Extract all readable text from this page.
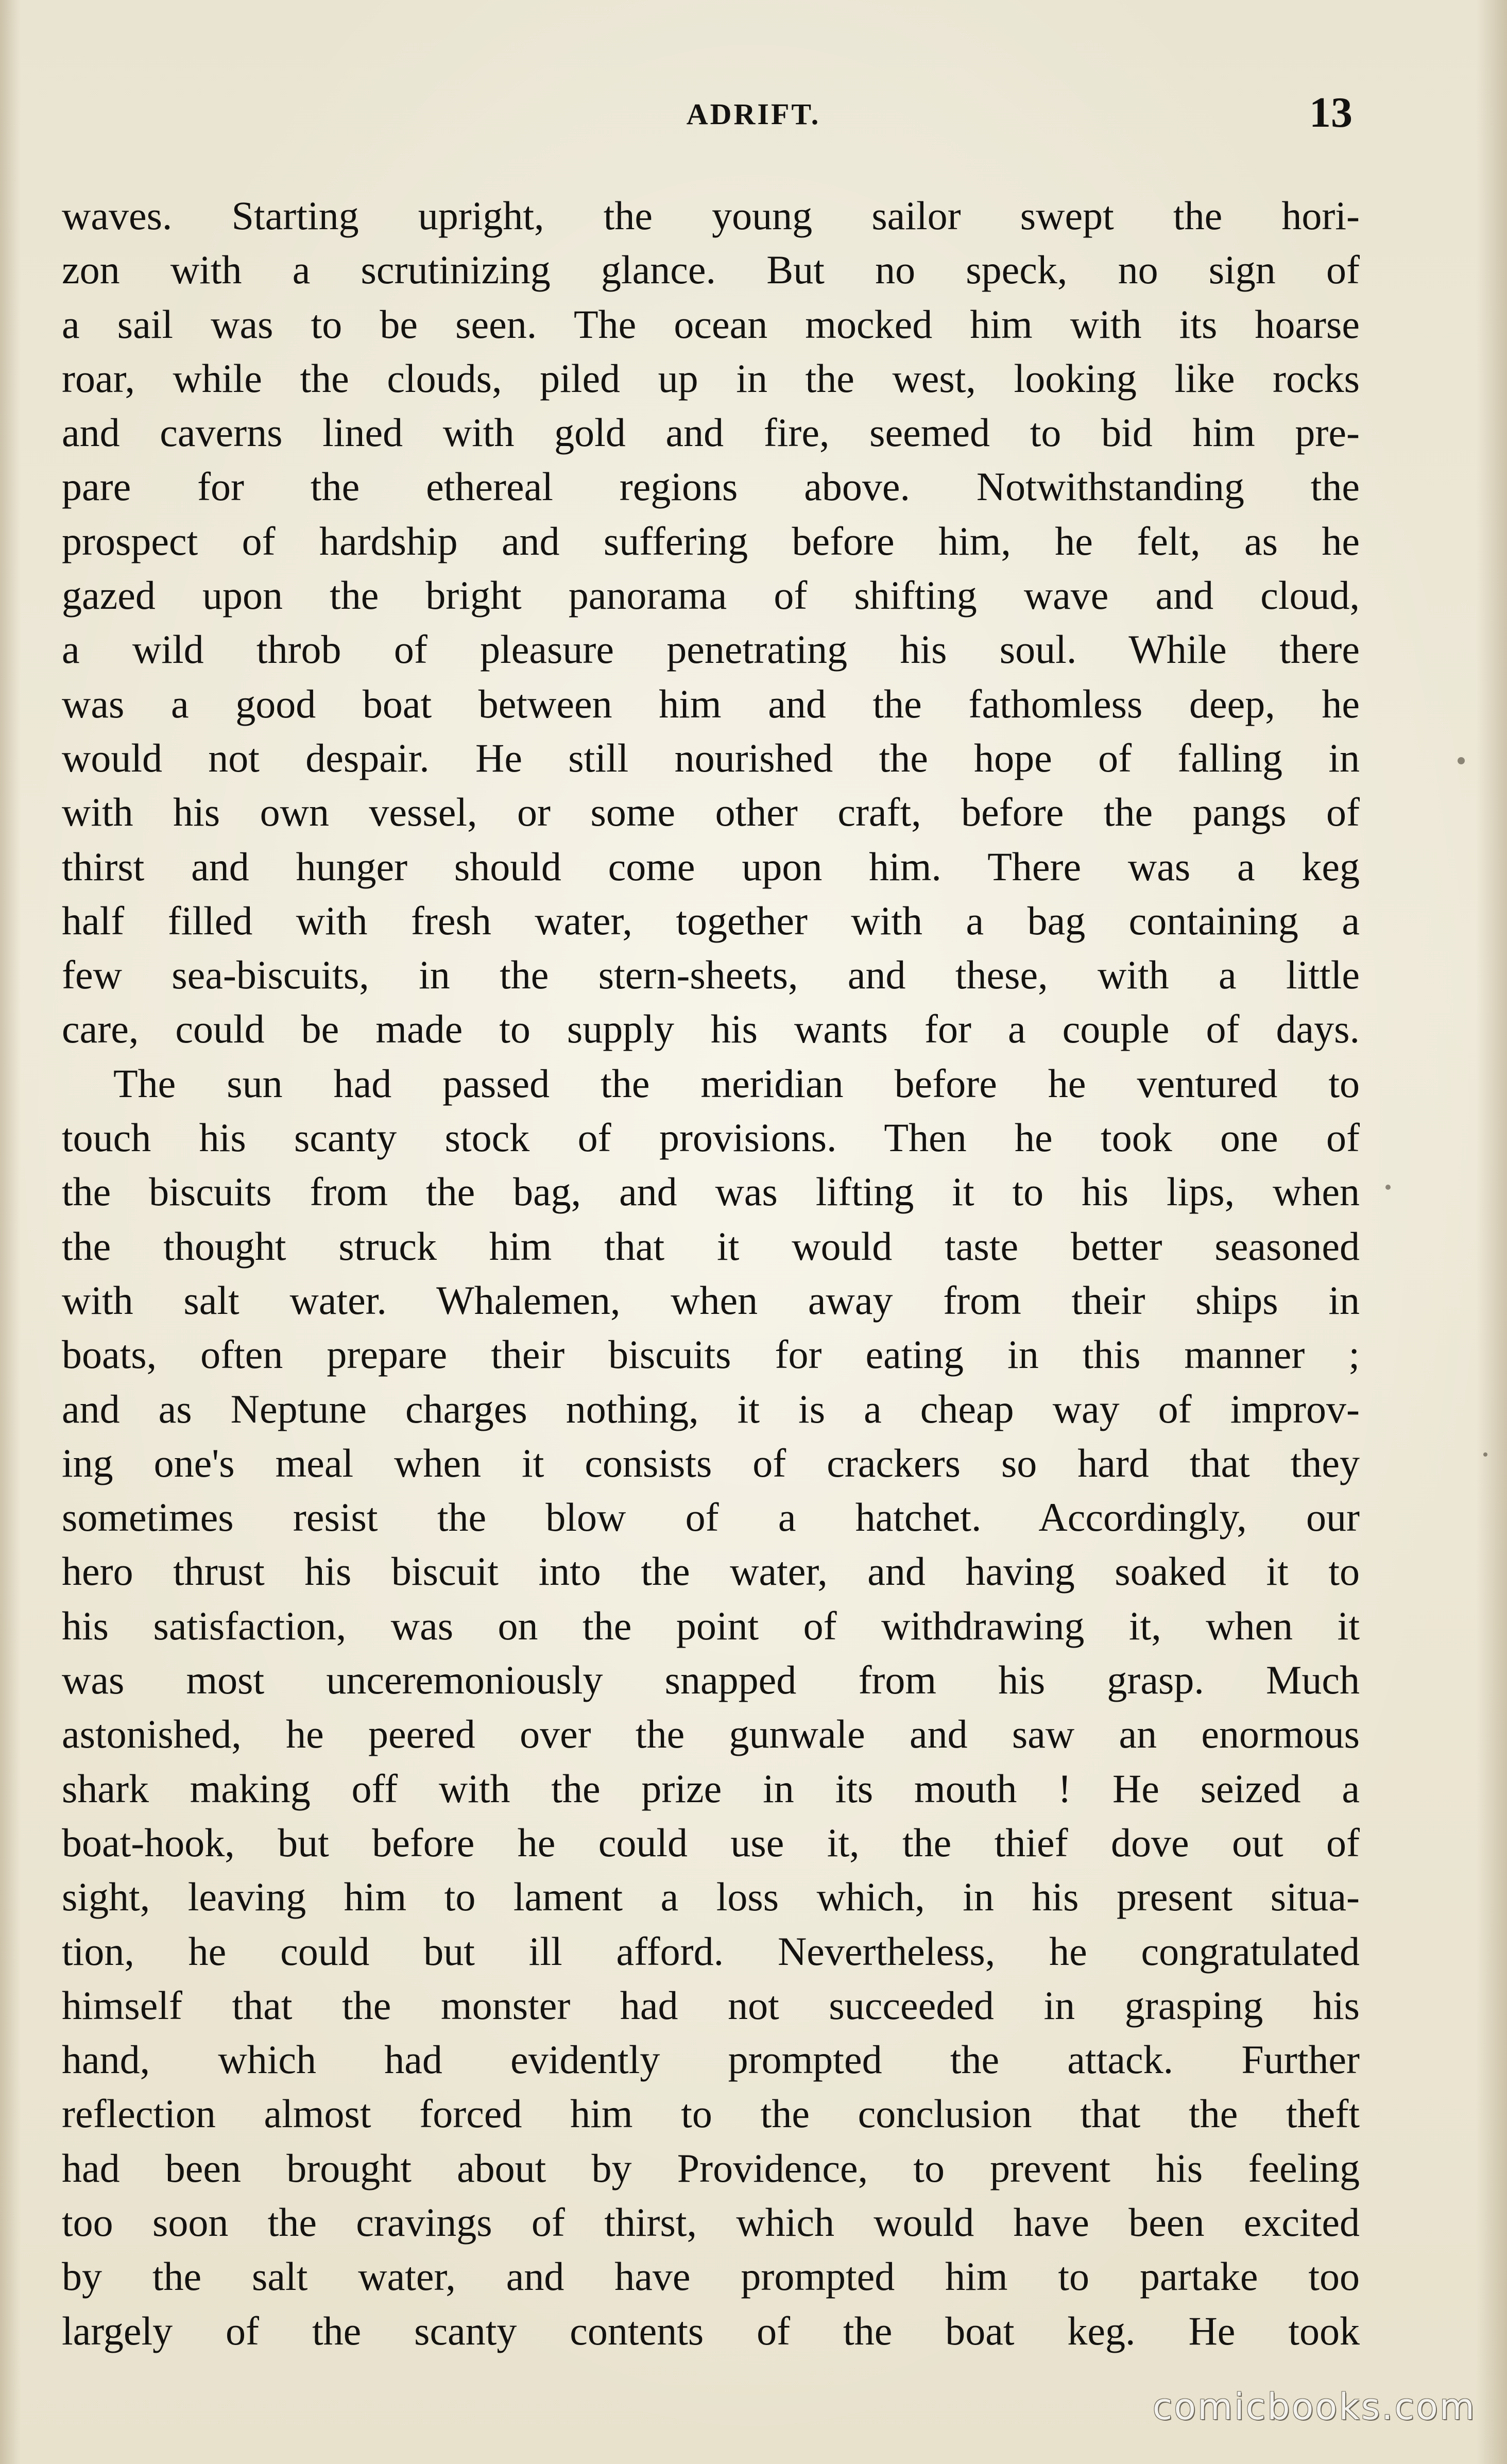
ADRIFT.	13
waves. Starting upright, the young sailor swept the hori-
zon with a scrutinizing glance. But no speck, no sign of
a sail was to be seen. The ocean mocked him with its hoarse
roar, while the clouds, piled up in the west, looking like rocks
and caverns lined with gold and fire, seemed to bid him pre-
pare for the ethereal regions above. Notwithstanding the
prospect of hardship and suffering before him, he felt, as he
gazed upon the bright panorama of shifting wave and cloud,
a wild throb of pleasure penetrating his soul. While there
was a good boat between him and the fathomless deep, he
would not despair. He still nourished the hope of falling in
with his own vessel, or some other craft, before the pangs of
thirst and hunger should come upon him. There was a keg
half filled with fresh water, together with a bag containing a
few sea-biscuits, in the stern-sheets, and these, with a little
care, could be made to supply his wants for a couple of days.
The sun had passed the meridian before he ventured to
touch his scanty stock of provisions. Then he took one of
the biscuits from the bag, and was lifting it to his lips, when
the thought struck him that it would taste better seasoned
with salt water. Whalemen, when away from their ships in
boats, often prepare their biscuits for eating in this manner ;
and as Neptune charges nothing, it is a cheap way of improv-
ing one's meal when it consists of crackers so hard that they
sometimes resist the blow of a hatchet. Accordingly, our
hero thrust his biscuit into the water, and having soaked it to
his satisfaction, was on the point of withdrawing it, when it
was most unceremoniously snapped from his grasp. Much
astonished, he peered over the gunwale and saw an enormous
shark making off with the prize in its mouth ! He seized a
boat-hook, but before he could use it, the thief dove out of
sight, leaving him to lament a loss which, in his present situa-
tion, he could but ill afford. Nevertheless, he congratulated
himself that the monster had not succeeded in grasping his
hand, which had evidently prompted the attack. Further
reflection almost forced him to the conclusion that the theft
had been brought about by Providence, to prevent his feeling
too soon the cravings of thirst, which would have been excited
by the salt water, and have prompted him to partake too
largely of the scanty contents of the boat keg. He took
comicbooks.com
